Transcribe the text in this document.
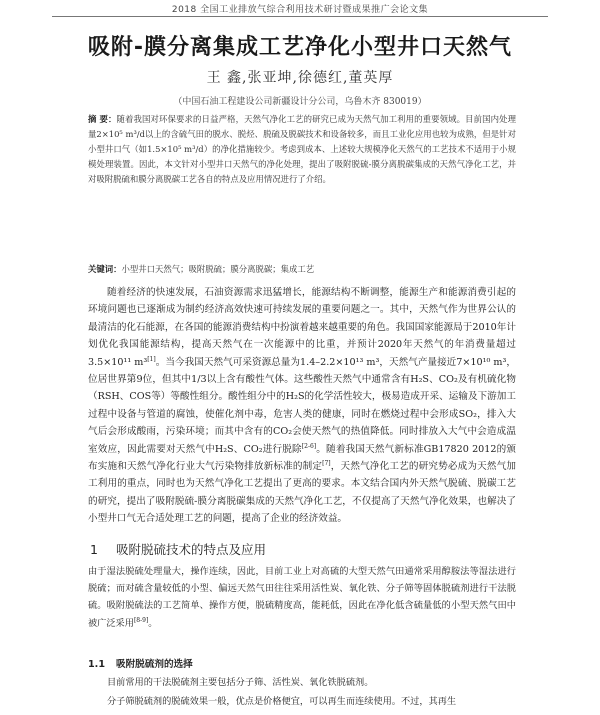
2018 全国工业排放气综合利用技术研讨暨成果推广会论文集
吸附-膜分离集成工艺净化小型井口天然气
王 鑫,张亚坤,徐德红,董英厚
（中国石油工程建设公司新疆设计分公司，乌鲁木齐 830019）
摘 要：随着我国对环保要求的日益严格，天然气净化工艺的研究已成为天然气加工利用的重要领域。目前国内处理量2×10⁵ m³/d以上的含硫气田的脱水、脱烃、脱硫及脱碳技术和设备较多，而且工业化应用也较为成熟，但是针对小型井口气（如1.5×10⁵ m³/d）的净化措施较少。考虑到成本、上述较大规模净化天然气的工艺技术不适用于小规模处理装置。因此，本文针对小型井口天然气的净化处理，提出了吸附脱硫-膜分离脱碳集成的天然气净化工艺，并对吸附脱硫和膜分离脱碳工艺各自的特点及应用情况进行了介绍。
关键词：小型井口天然气；吸附脱硫；膜分离脱碳；集成工艺
随着经济的快速发展，石油资源需求迅猛增长，能源结构不断调整，能源生产和能源消费引起的环境问题也已逐渐成为制约经济高效快速可持续发展的重要问题之一。其中，天然气作为世界公认的最清洁的化石能源，在各国的能源消费结构中扮演着越来越重要的角色。我国国家能源局于2010年计划优化我国能源结构，提高天然气在一次能源中的比重，并预计2020年天然气的年消费量超过3.5×10¹¹ m³[1]。当今我国天然气可采资源总量为1.4–2.2×10¹³ m³，天然气产量接近7×10¹⁰ m³，位居世界第9位，但其中1/3以上含有酸性气体。这些酸性天然气中通常含有H₂S、CO₂及有机硫化物（RSH、COS等）等酸性组分。酸性组分中的H₂S的化学活性较大，极易造成开采、运输及下游加工过程中设备与管道的腐蚀，使催化剂中毒，危害人类的健康，同时在燃烧过程中会形成SO₂，排入大气后会形成酸雨，污染环境；而其中含有的CO₂会使天然气的热值降低。同时排放入大气中会造成温室效应，因此需要对天然气中H₂S、CO₂进行脱除[2-6]。随着我国天然气新标准GB17820 2012的颁布实施和天然气净化行业大气污染物排放新标准的制定[7]，天然气净化工艺的研究势必成为天然气加工利用的重点，同时也为天然气净化工艺提出了更高的要求。本文结合国内外天然气脱硫、脱碳工艺的研究，提出了吸附脱硫-膜分离脱碳集成的天然气净化工艺，不仅提高了天然气净化效果，也解决了小型井口气无合适处理工艺的问题，提高了企业的经济效益。
1 吸附脱硫技术的特点及应用
由于湿法脱硫处理量大，操作连续，因此，目前工业上对高硫的大型天然气田通常采用醇胺法等湿法进行脱硫；而对硫含量较低的小型、偏远天然气田往往采用活性炭、氧化铁、分子筛等固体脱硫剂进行干法脱硫。吸附脱硫法的工艺简单、操作方便，脱硫精度高，能耗低，因此在净化低含硫量低的小型天然气田中被广泛采用[8-9]。
1.1 吸附脱硫剂的选择
目前常用的干法脱硫剂主要包括分子筛、活性炭、氧化铁脱硫剂。
分子筛脱硫剂的脱硫效果一般，优点是价格便宜，可以再生而连续使用。不过，其再生
